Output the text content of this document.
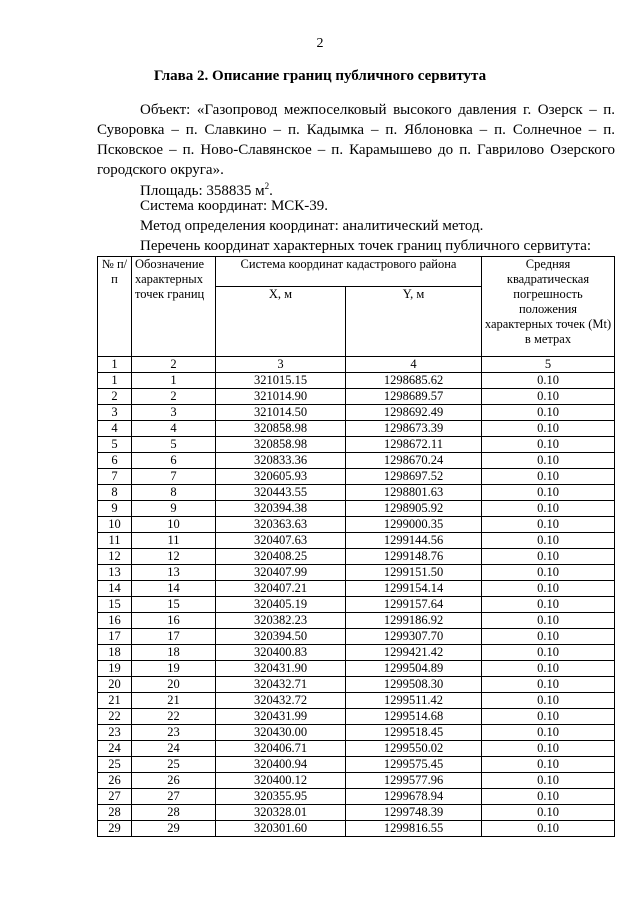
2
Глава 2. Описание границ публичного сервитута
Объект: «Газопровод межпоселковый высокого давления г. Озерск – п. Суворовка – п. Славкино – п. Кадымка – п. Яблоновка – п. Солнечное – п. Псковское – п. Ново-Славянское – п. Карамышево до п. Гаврилово Озерского городского округа».
Площадь: 358835 $м^2$.
Система координат: МСК-39.
Метод определения координат: аналитический метод.
Перечень координат характерных точек границ публичного сервитута:
№ п/п	Обозначение характерных точек границ	Система координат кадастрового района		Средняя квадратическая погрешность положения характерных точек (Mt) в метрах
		X, м	Y, м	
1	2	3	4	5
1	1	321015.15	1298685.62	0.10
2	2	321014.90	1298689.57	0.10
3	3	321014.50	1298692.49	0.10
4	4	320858.98	1298673.39	0.10
5	5	320858.98	1298672.11	0.10
6	6	320833.36	1298670.24	0.10
7	7	320605.93	1298697.52	0.10
8	8	320443.55	1298801.63	0.10
9	9	320394.38	1298905.92	0.10
10	10	320363.63	1299000.35	0.10
11	11	320407.63	1299144.56	0.10
12	12	320408.25	1299148.76	0.10
13	13	320407.99	1299151.50	0.10
14	14	320407.21	1299154.14	0.10
15	15	320405.19	1299157.64	0.10
16	16	320382.23	1299186.92	0.10
17	17	320394.50	1299307.70	0.10
18	18	320400.83	1299421.42	0.10
19	19	320431.90	1299504.89	0.10
20	20	320432.71	1299508.30	0.10
21	21	320432.72	1299511.42	0.10
22	22	320431.99	1299514.68	0.10
23	23	320430.00	1299518.45	0.10
24	24	320406.71	1299550.02	0.10
25	25	320400.94	1299575.45	0.10
26	26	320400.12	1299577.96	0.10
27	27	320355.95	1299678.94	0.10
28	28	320328.01	1299748.39	0.10
29	29	320301.60	1299816.55	0.10
